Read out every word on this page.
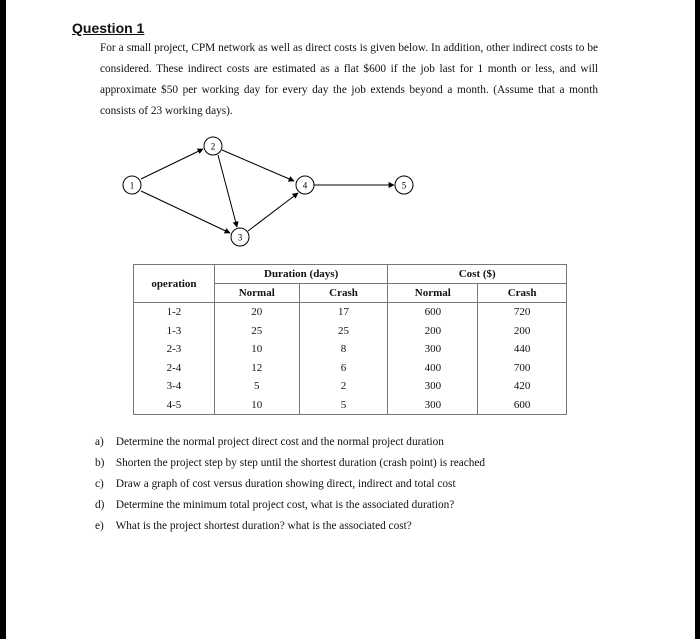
Question 1
For a small project, CPM network as well as direct costs is given below. In addition, other indirect costs to be considered. These indirect costs are estimated as a flat $600 if the job last for 1 month or less, and will approximate $50 per working day for every day the job extends beyond a month. (Assume that a month consists of 23 working days).
1
2
3
4	5
operation	Duration (days)		Cost ($)	
	Normal	Crash	Normal	Crash
1-2	20	17	600	720
1-3	25	25	200	200
2-3	10	8	300	440
2-4	12	6	400	700
3-4	5	2	300	420
4-5	10	5	300	600
a) Determine the normal project direct cost and the normal project duration
b) Shorten the project step by step until the shortest duration (crash point) is reached
c) Draw a graph of cost versus duration showing direct, indirect and total cost
d) Determine the minimum total project cost, what is the associated duration?
e) What is the project shortest duration? what is the associated cost?
